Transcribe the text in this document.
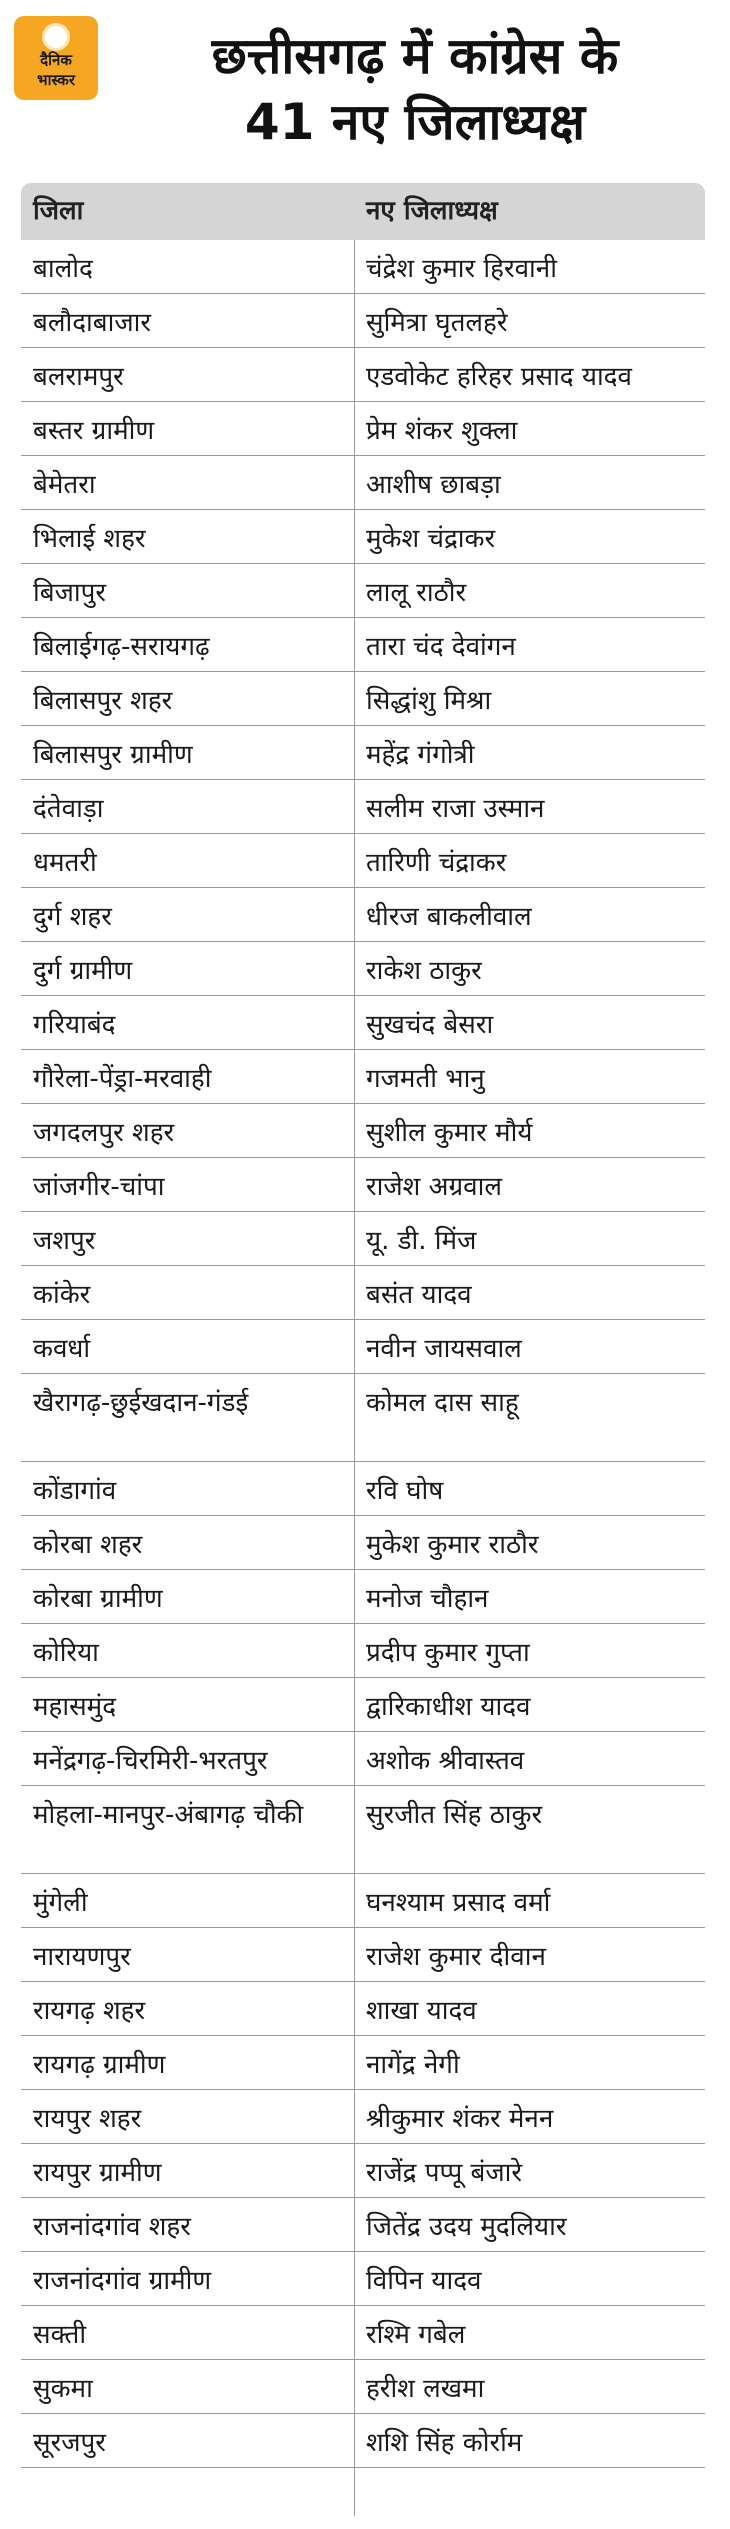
दैनिक
भास्कर	छत्तीसगढ़ में कांग्रेस के
41 नए जिलाध्यक्ष
जिला	नए जिलाध्यक्ष
बालोद	चंद्रेश कुमार हिरवानी
बलौदाबाजार	सुमित्रा घृतलहरे
बलरामपुर	एडवोकेट हरिहर प्रसाद यादव
बस्तर ग्रामीण	प्रेम शंकर शुक्ला
बेमेतरा	आशीष छाबड़ा
भिलाई शहर	मुकेश चंद्राकर
बिजापुर	लालू राठौर
बिलाईगढ़-सरायगढ़	तारा चंद देवांगन
बिलासपुर शहर	सिद्धांशु मिश्रा
बिलासपुर ग्रामीण	महेंद्र गंगोत्री
दंतेवाड़ा	सलीम राजा उस्मान
धमतरी	तारिणी चंद्राकर
दुर्ग शहर	धीरज बाकलीवाल
दुर्ग ग्रामीण	राकेश ठाकुर
गरियाबंद	सुखचंद बेसरा
गौरेला-पेंड्रा-मरवाही	गजमती भानु
जगदलपुर शहर	सुशील कुमार मौर्य
जांजगीर-चांपा	राजेश अग्रवाल
जशपुर	यू. डी. मिंज
कांकेर	बसंत यादव
कवर्धा	नवीन जायसवाल
खैरागढ़-छुईखदान-गंडई	कोमल दास साहू
कोंडागांव	रवि घोष
कोरबा शहर	मुकेश कुमार राठौर
कोरबा ग्रामीण	मनोज चौहान
कोरिया	प्रदीप कुमार गुप्ता
महासमुंद	द्वारिकाधीश यादव
मनेंद्रगढ़-चिरमिरी-भरतपुर	अशोक श्रीवास्तव
मोहला-मानपुर-अंबागढ़ चौकी	सुरजीत सिंह ठाकुर
मुंगेली	घनश्याम प्रसाद वर्मा
नारायणपुर	राजेश कुमार दीवान
रायगढ़ शहर	शाखा यादव
रायगढ़ ग्रामीण	नागेंद्र नेगी
रायपुर शहर	श्रीकुमार शंकर मेनन
रायपुर ग्रामीण	राजेंद्र पप्पू बंजारे
राजनांदगांव शहर	जितेंद्र उदय मुदलियार
राजनांदगांव ग्रामीण	विपिन यादव
सक्ती	रश्मि गबेल
सुकमा	हरीश लखमा
सूरजपुर	शशि सिंह कोर्राम
